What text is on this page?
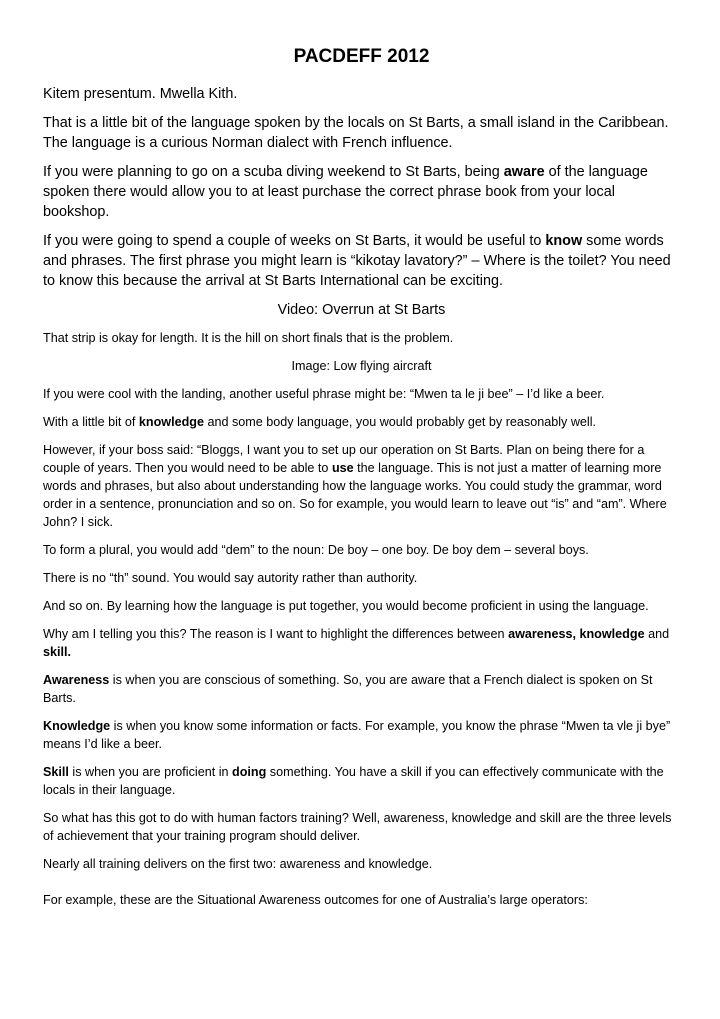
PACDEFF 2012

Kitem presentum. Mwella Kith.

That is a little bit of the language spoken by the locals on St Barts, a small island in the Caribbean. The language is a curious Norman dialect with French influence.

If you were planning to go on a scuba diving weekend to St Barts, being aware of the language spoken there would allow you to at least purchase the correct phrase book from your local bookshop.

If you were going to spend a couple of weeks on St Barts, it would be useful to know some words and phrases. The first phrase you might learn is “kikotay lavatory?” – Where is the toilet? You need to know this because the arrival at St Barts International can be exciting.

Video: Overrun at St Barts

That strip is okay for length. It is the hill on short finals that is the problem.

Image: Low flying aircraft

If you were cool with the landing, another useful phrase might be: “Mwen ta le ji bee” – I’d like a beer.

With a little bit of knowledge and some body language, you would probably get by reasonably well.

However, if your boss said: “Bloggs, I want you to set up our operation on St Barts. Plan on being there for a couple of years. Then you would need to be able to use the language. This is not just a matter of learning more words and phrases, but also about understanding how the language works. You could study the grammar, word order in a sentence, pronunciation and so on. So for example, you would learn to leave out “is” and “am”. Where John? I sick.

To form a plural, you would add “dem” to the noun: De boy – one boy. De boy dem – several boys.

There is no “th” sound. You would say autority rather than authority.

And so on. By learning how the language is put together, you would become proficient in using the language.

Why am I telling you this? The reason is I want to highlight the differences between awareness, knowledge and skill.

Awareness is when you are conscious of something. So, you are aware that a French dialect is spoken on St Barts.

Knowledge is when you know some information or facts. For example, you know the phrase “Mwen ta vle ji bye” means I’d like a beer.

Skill is when you are proficient in doing something. You have a skill if you can effectively communicate with the locals in their language.

So what has this got to do with human factors training? Well, awareness, knowledge and skill are the three levels of achievement that your training program should deliver.

Nearly all training delivers on the first two: awareness and knowledge.

For example, these are the Situational Awareness outcomes for one of Australia’s large operators:
